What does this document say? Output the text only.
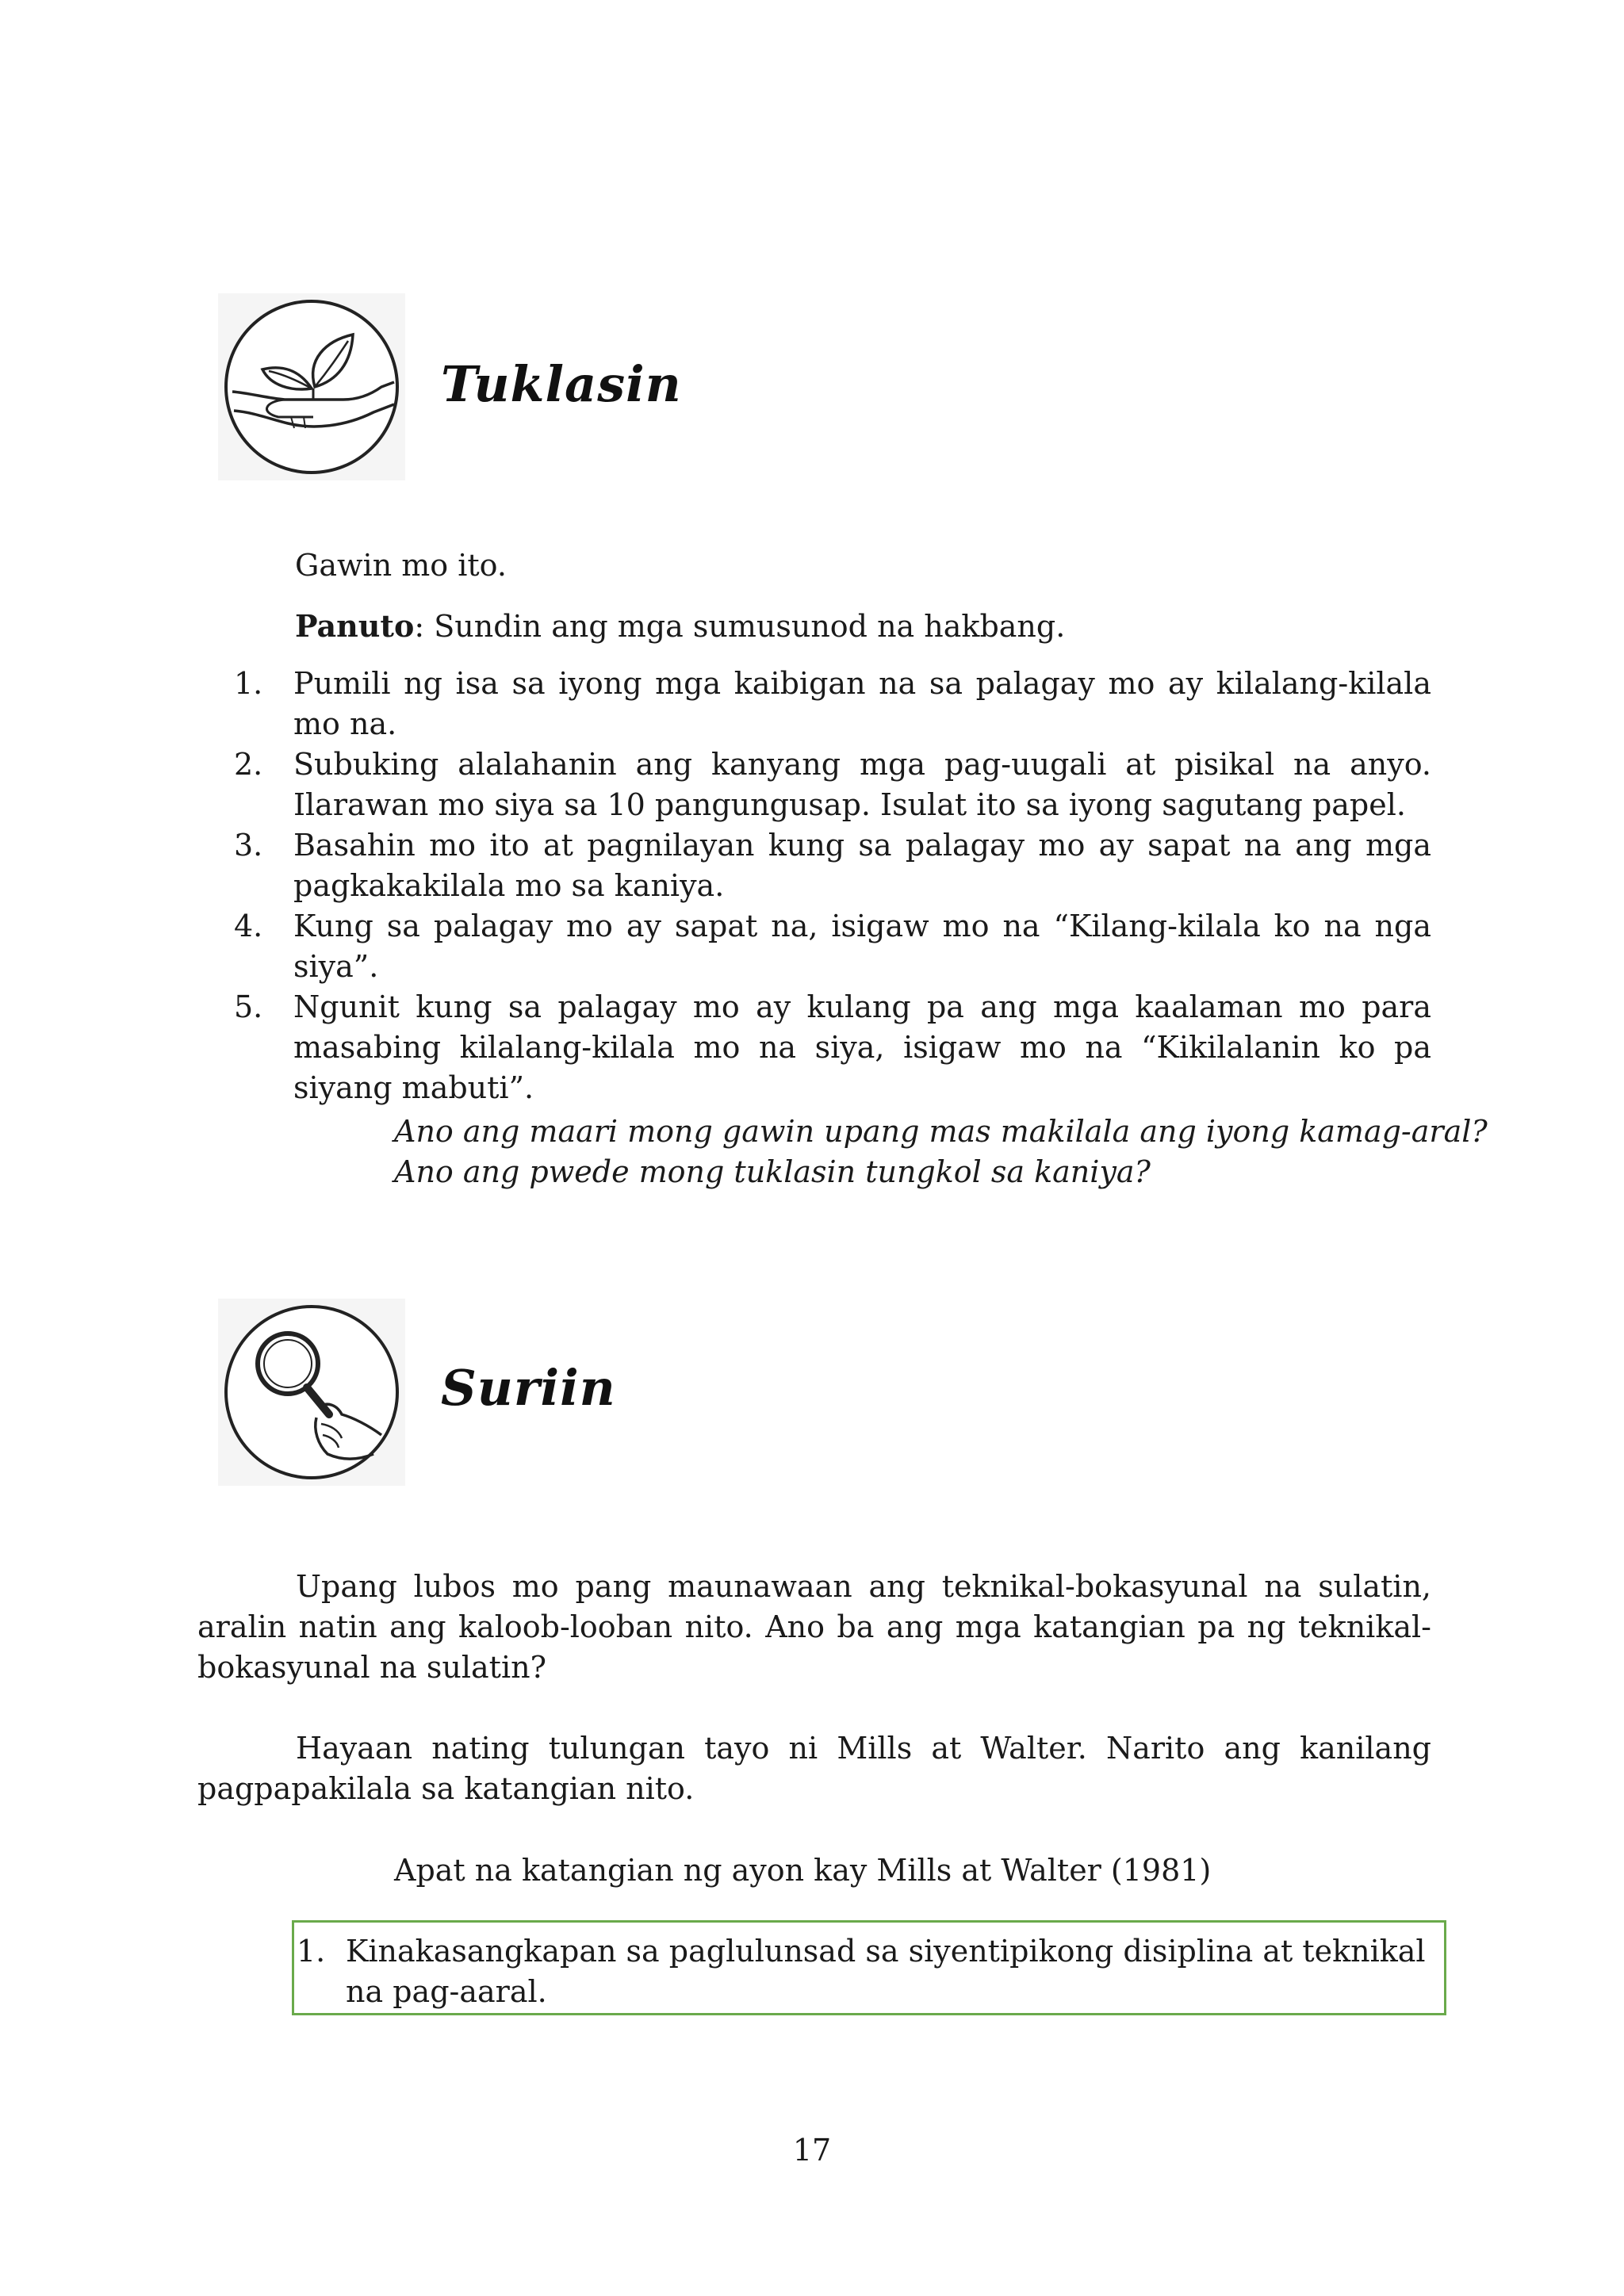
Tuklasin

Gawin mo ito.

Panuto: Sundin ang mga sumusunod na hakbang.

1.	Pumili ng isa sa iyong mga kaibigan na sa palagay mo ay kilalang-kilala mo na.
2.	Subuking alalahanin ang kanyang mga pag-uugali at pisikal na anyo. Ilarawan mo siya sa 10 pangungusap. Isulat ito sa iyong sagutang papel.
3.	Basahin mo ito at pagnilayan kung sa palagay mo ay sapat na ang mga pagkakakilala mo sa kaniya.
4.	Kung sa palagay mo ay sapat na, isigaw mo na “Kilang-kilala ko na nga siya”.
5.	Ngunit kung sa palagay mo ay kulang pa ang mga kaalaman mo para masabing kilalang-kilala mo na siya, isigaw mo na “Kikilalanin ko pa siyang mabuti”.

Ano ang maari mong gawin upang mas makilala ang iyong kamag-aral?

Ano ang pwede mong tuklasin tungkol sa kaniya?

Suriin

Upang lubos mo pang maunawaan ang teknikal-bokasyunal na sulatin, aralin natin ang kaloob-looban nito. Ano ba ang mga katangian pa ng teknikal-bokasyunal na sulatin?

Hayaan nating tulungan tayo ni Mills at Walter. Narito ang kanilang pagpapakilala sa katangian nito.

Apat na katangian ng ayon kay Mills at Walter (1981)

1. Kinakasangkapan sa paglulunsad sa siyentipikong disiplina at teknikal na pag-aaral.
17
